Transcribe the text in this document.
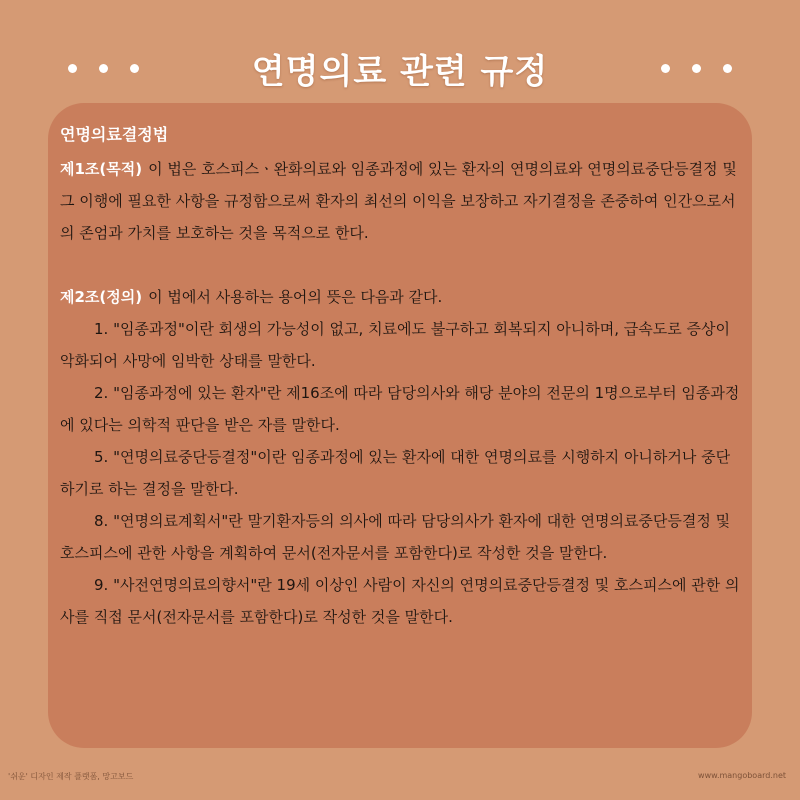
연명의료 관련 규정
연명의료결정법

제1조(목적) 이 법은 호스피스ㆍ완화의료와 임종과정에 있는 환자의 연명의료와 연명의료중단등결정 및 그 이행에 필요한 사항을 규정함으로써 환자의 최선의 이익을 보장하고 자기결정을 존중하여 인간으로서의 존엄과 가치를 보호하는 것을 목적으로 한다.

제2조(정의) 이 법에서 사용하는 용어의 뜻은 다음과 같다.

1. "임종과정"이란 회생의 가능성이 없고, 치료에도 불구하고 회복되지 아니하며, 급속도로 증상이 악화되어 사망에 임박한 상태를 말한다.

2. "임종과정에 있는 환자"란 제16조에 따라 담당의사와 해당 분야의 전문의 1명으로부터 임종과정에 있다는 의학적 판단을 받은 자를 말한다.

5. "연명의료중단등결정"이란 임종과정에 있는 환자에 대한 연명의료를 시행하지 아니하거나 중단하기로 하는 결정을 말한다.

8. "연명의료계획서"란 말기환자등의 의사에 따라 담당의사가 환자에 대한 연명의료중단등결정 및 호스피스에 관한 사항을 계획하여 문서(전자문서를 포함한다)로 작성한 것을 말한다.

9. "사전연명의료의향서"란 19세 이상인 사람이 자신의 연명의료중단등결정 및 호스피스에 관한 의사를 직접 문서(전자문서를 포함한다)로 작성한 것을 말한다.

'쉬운' 디자인 제작 플랫폼, 망고보드	www.mangoboard.net
